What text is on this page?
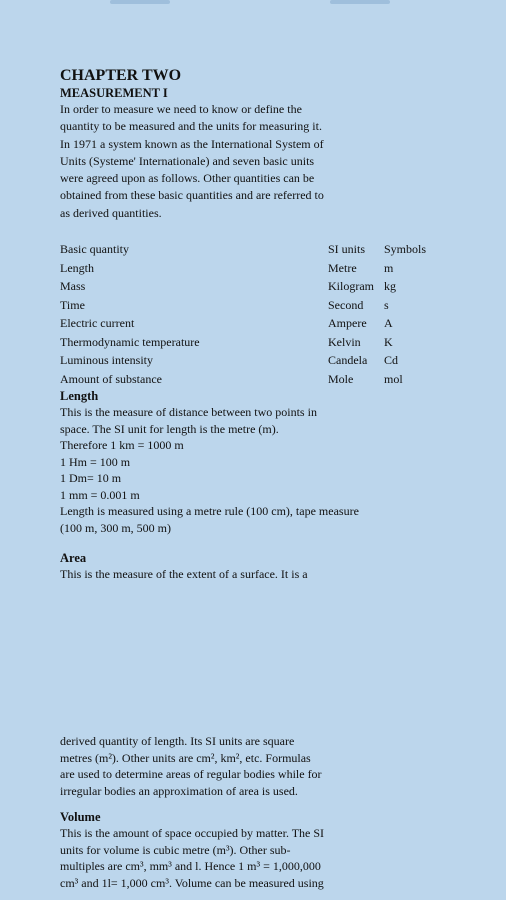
CHAPTER TWO
MEASUREMENT I

In order to measure we need to know or define the

quantity to be measured and the units for measuring it.

In 1971 a system known as the International System of

Units (Systeme' Internationale) and seven basic units

were agreed upon as follows. Other quantities can be

obtained from these basic quantities and are referred to

as derived quantities.

Basic quantity	SI units	Symbols
Length	Metre	m
Mass	Kilogram	kg
Time	Second	s
Electric current	Ampere	A
Thermodynamic temperature	Kelvin	K
Luminous intensity	Candela	Cd
Amount of substance	Mole	mol
Length

This is the measure of distance between two points in

space. The SI unit for length is the metre (m).

Therefore 1 km = 1000 m

1 Hm = 100 m

1 Dm= 10 m

1 mm = 0.001 m

Length is measured using a metre rule (100 cm), tape measure

(100 m, 300 m, 500 m)

Area

This is the measure of the extent of a surface. It is a

derived quantity of length. Its SI units are square

metres (m²). Other units are cm², km², etc. Formulas

are used to determine areas of regular bodies while for

irregular bodies an approximation of area is used.

Volume

This is the amount of space occupied by matter. The SI

units for volume is cubic metre (m³). Other sub-

multiples are cm³, mm³ and l. Hence 1 m³ = 1,000,000

cm³ and 1l= 1,000 cm³. Volume can be measured using
